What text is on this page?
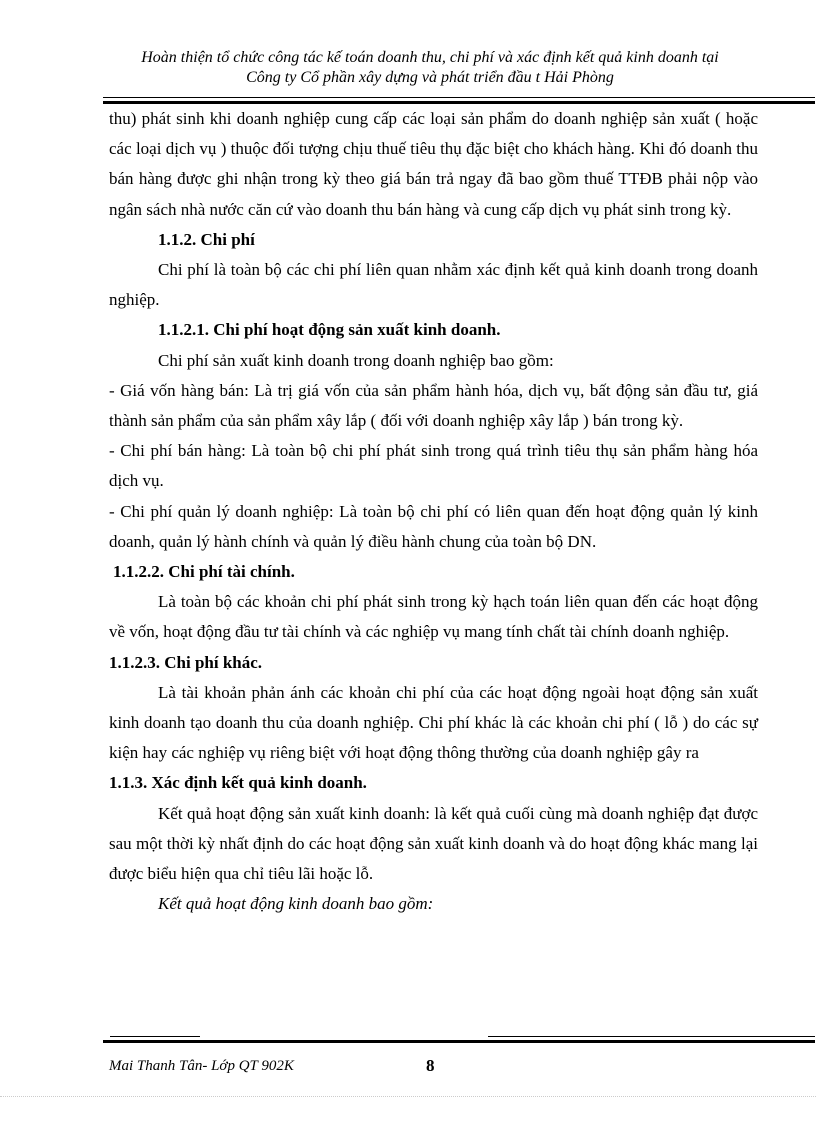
Hoàn thiện tổ chức công tác kế toán doanh thu, chi phí và xác định kết quả kinh doanh tại
Công ty Cổ phần xây dựng và phát triển đầu t Hải Phòng

thu) phát sinh khi doanh nghiệp cung cấp các loại sản phẩm do doanh nghiệp sản xuất ( hoặc các loại dịch vụ ) thuộc đối tượng chịu thuế tiêu thụ đặc biệt cho khách hàng. Khi đó doanh thu bán hàng được ghi nhận trong kỳ theo giá bán trả ngay đã bao gồm thuế TTĐB phải nộp vào ngân sách nhà nước căn cứ vào doanh thu bán hàng và cung cấp dịch vụ phát sinh trong kỳ.

1.1.2. Chi phí

Chi phí là toàn bộ các chi phí liên quan nhằm xác định kết quả kinh doanh trong doanh nghiệp.

1.1.2.1. Chi phí hoạt động sản xuất kinh doanh.

Chi phí sản xuất kinh doanh trong doanh nghiệp bao gồm:

- Giá vốn hàng bán: Là trị giá vốn của sản phẩm hành hóa, dịch vụ, bất động sản đầu tư, giá thành sản phẩm của sản phẩm xây lắp ( đối với doanh nghiệp xây lắp ) bán trong kỳ.

- Chi phí bán hàng: Là toàn bộ chi phí phát sinh trong quá trình tiêu thụ sản phẩm hàng hóa dịch vụ.

- Chi phí quản lý doanh nghiệp: Là toàn bộ chi phí có liên quan đến hoạt động quản lý kinh doanh, quản lý hành chính và quản lý điều hành chung của toàn bộ DN.

1.1.2.2. Chi phí tài chính.

Là toàn bộ các khoản chi phí phát sinh trong kỳ hạch toán liên quan đến các hoạt động về vốn, hoạt động đầu tư tài chính và các nghiệp vụ mang tính chất tài chính doanh nghiệp.

1.1.2.3. Chi phí khác.

Là tài khoản phản ánh các khoản chi phí của các hoạt động ngoài hoạt động sản xuất kinh doanh tạo doanh thu của doanh nghiệp. Chi phí khác là các khoản chi phí ( lỗ ) do các sự kiện hay các nghiệp vụ riêng biệt với hoạt động thông thường của doanh nghiệp gây ra

1.1.3. Xác định kết quả kinh doanh.

Kết quả hoạt động sản xuất kinh doanh: là kết quả cuối cùng mà doanh nghiệp đạt được sau một thời kỳ nhất định do các hoạt động sản xuất kinh doanh và do hoạt động khác mang lại được biểu hiện qua chỉ tiêu lãi hoặc lỗ.

Kết quả hoạt động kinh doanh bao gồm:

Mai Thanh Tân- Lớp QT 902K	8
